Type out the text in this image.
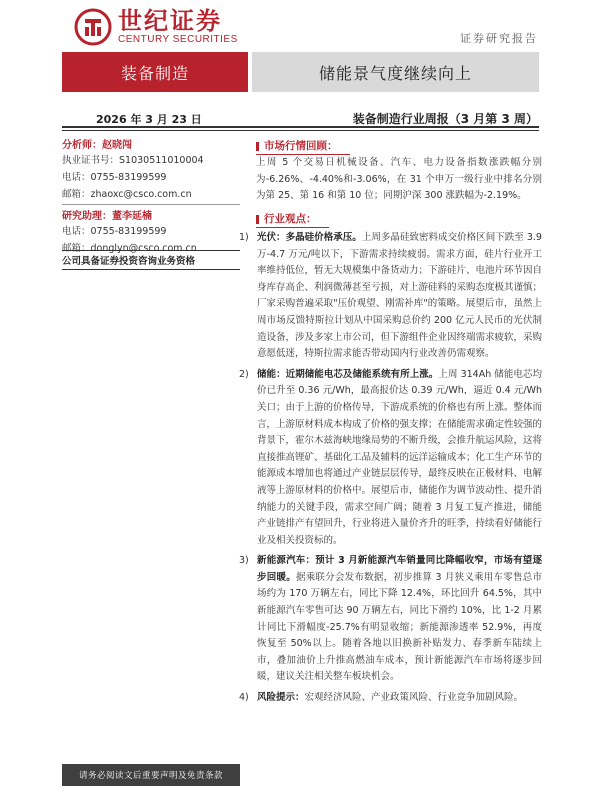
世纪证券
CENTURY SECURITIES	证券研究报告
装备制造	储能景气度继续向上
2026 年 3 月 23 日	装备制造行业周报（3 月第 3 周）
分析师：赵晓闯
执业证书号：S1030511010004
电话：0755-83199599
邮箱：zhaoxc@csco.com.cn
研究助理：董李延楠
电话：0755-83199599
邮箱：donglyn@csco.com.cn
公司具备证券投资咨询业务资格
市场行情回顾：

上周 5 个交易日机械设备、汽车、电力设备指数涨跌幅分别为-6.26%、-4.40%和-3.06%，在 31 个申万一级行业中排名分别为第 25、第 16 和第 10 位；同期沪深 300 涨跌幅为-2.19%。

行业观点：
1) 光伏：多晶硅价格承压。上周多晶硅致密料成交价格区间下跌至 3.9 万-4.7 万元/吨以下，下游需求持续疲弱。需求方面，硅片行业开工率维持低位，暂无大规模集中备货动力；下游硅片、电池片环节因自身库存高企、利润微薄甚至亏损，对上游硅料的采购态度极其谨慎；厂家采购普遍采取"压价观望、刚需补库"的策略。展望后市，虽然上周市场反馈特斯拉计划从中国采购总价约 200 亿元人民币的光伏制造设备，涉及多家上市公司，但下游组件企业因终端需求疲软，采购意愿低迷，特斯拉需求能否带动国内行业改善仍需观察。
2) 储能：近期储能电芯及储能系统有所上涨。上周 314Ah 储能电芯均价已升至 0.36 元/Wh，最高报价达 0.39 元/Wh，逼近 0.4 元/Wh 关口；由于上游的价格传导，下游成系统的价格也有所上涨。整体而言，上游原材料成本构成了价格的强支撑；在储能需求确定性较强的背景下，霍尔木兹海峡地缘局势的不断升级，会推升航运风险，这将直接推高锂矿、基础化工品及辅料的远洋运输成本；化工生产环节的能源成本增加也将通过产业链层层传导，最终反映在正极材料、电解液等上游原材料的价格中。展望后市，储能作为调节波动性、提升消纳能力的关键手段，需求空间广阔；随着 3 月复工复产推进，储能产业链排产有望回升，行业将进入量价齐升的旺季，持续看好储能行业及相关投资标的。
3) 新能源汽车：预计 3 月新能源汽车销量同比降幅收窄，市场有望逐步回暖。据乘联分会发布数据，初步推算 3 月狭义乘用车零售总市场约为 170 万辆左右，同比下降 12.4%，环比回升 64.5%，其中新能源汽车零售可达 90 万辆左右，同比下滑约 10%，比 1-2 月累计同比下滑幅度-25.7%有明显收缩；新能源渗透率 52.9%，再度恢复至 50%以上。随着各地以旧换新补贴发力、春季新车陆续上市，叠加油价上升推高燃油车成本，预计新能源汽车市场将逐步回暖，建议关注相关整车板块机会。
4) 风险提示：宏观经济风险、产业政策风险、行业竞争加剧风险。
请务必阅读文后重要声明及免责条款
